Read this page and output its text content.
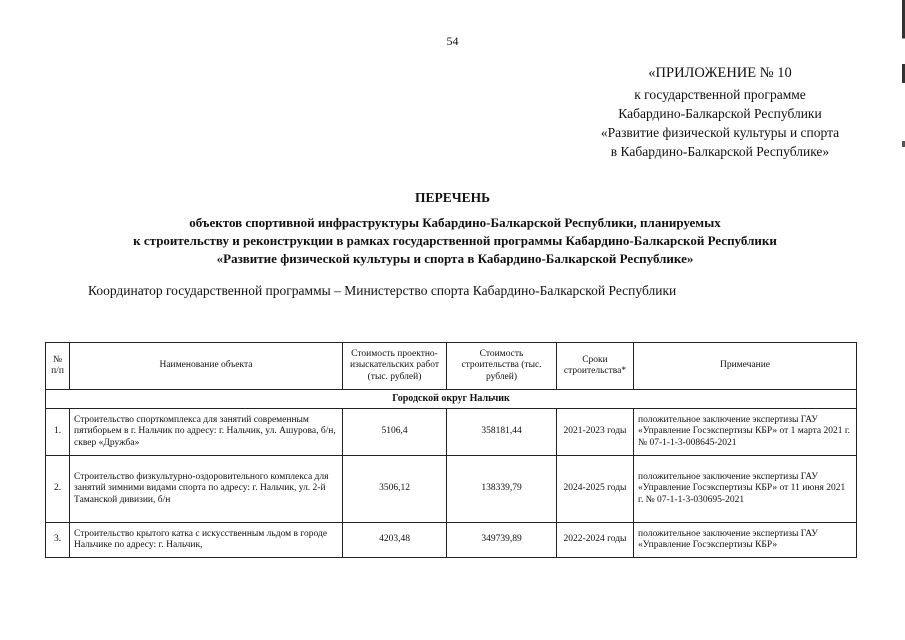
54
«ПРИЛОЖЕНИЕ № 10
к государственной программе
Кабардино-Балкарской Республики
«Развитие физической культуры и спорта
в Кабардино-Балкарской Республике»
ПЕРЕЧЕНЬ
объектов спортивной инфраструктуры Кабардино-Балкарской Республики, планируемых
к строительству и реконструкции в рамках государственной программы Кабардино-Балкарской Республики
«Развитие физической культуры и спорта в Кабардино-Балкарской Республике»
Координатор государственной программы – Министерство спорта Кабардино-Балкарской Республики
№ п/п	Наименование объекта	Стоимость проектно-изыскательских работ (тыс. рублей)	Стоимость строительства (тыс. рублей)	Сроки строительства*	Примечание
Городской округ Нальчик					
1.	Строительство спорткомплекса для занятий современным пятиборьем в г. Нальчик по адресу: г. Нальчик, ул. Ашурова, б/н, сквер «Дружба»	5106,4	358181,44	2021-2023 годы	положительное заключение экспертизы ГАУ «Управление Госэкспертизы КБР» от 1 марта 2021 г. № 07-1-1-3-008645-2021
2.	Строительство физкультурно-оздоровительного комплекса для занятий зимними видами спорта по адресу: г. Нальчик, ул. 2-й Таманской дивизии, б/н	3506,12	138339,79	2024-2025 годы	положительное заключение экспертизы ГАУ «Управление Госэкспертизы КБР» от 11 июня 2021 г. № 07-1-1-3-030695-2021
3.	Строительство крытого катка с искусственным льдом в городе Нальчике по адресу: г. Нальчик,	4203,48	349739,89	2022-2024 годы	положительное заключение экспертизы ГАУ «Управление Госэкспертизы КБР»
